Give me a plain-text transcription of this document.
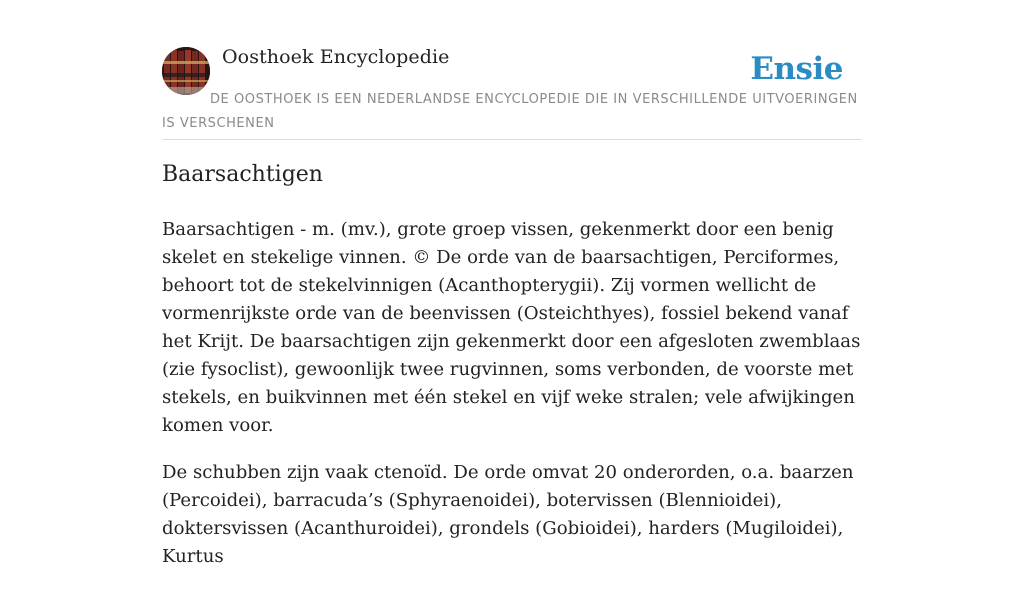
Oosthoek Encyclopedie	Ensie
DE OOSTHOEK IS EEN NEDERLANDSE ENCYCLOPEDIE DIE IN VERSCHILLENDE UITVOERINGEN IS VERSCHENEN
Baarsachtigen

Baarsachtigen - m. (mv.), grote groep vissen, gekenmerkt door een benig skelet en stekelige vinnen. © De orde van de baarsachtigen, Perciformes, behoort tot de stekelvinnigen (Acanthopterygii). Zij vormen wellicht de vormenrijkste orde van de beenvissen (Osteichthyes), fossiel bekend vanaf het Krijt. De baarsachtigen zijn gekenmerkt door een afgesloten zwemblaas (zie fysoclist), gewoonlijk twee rugvinnen, soms verbonden, de voorste met stekels, en buikvinnen met één stekel en vijf weke stralen; vele afwijkingen komen voor.

De schubben zijn vaak ctenoïd. De orde omvat 20 onderorden, o.a. baarzen (Percoidei), barracuda’s (Sphyraenoidei), botervissen (Blennioidei), doktersvissen (Acanthuroidei), grondels (Gobioidei), harders (Mugiloidei), Kurtus
